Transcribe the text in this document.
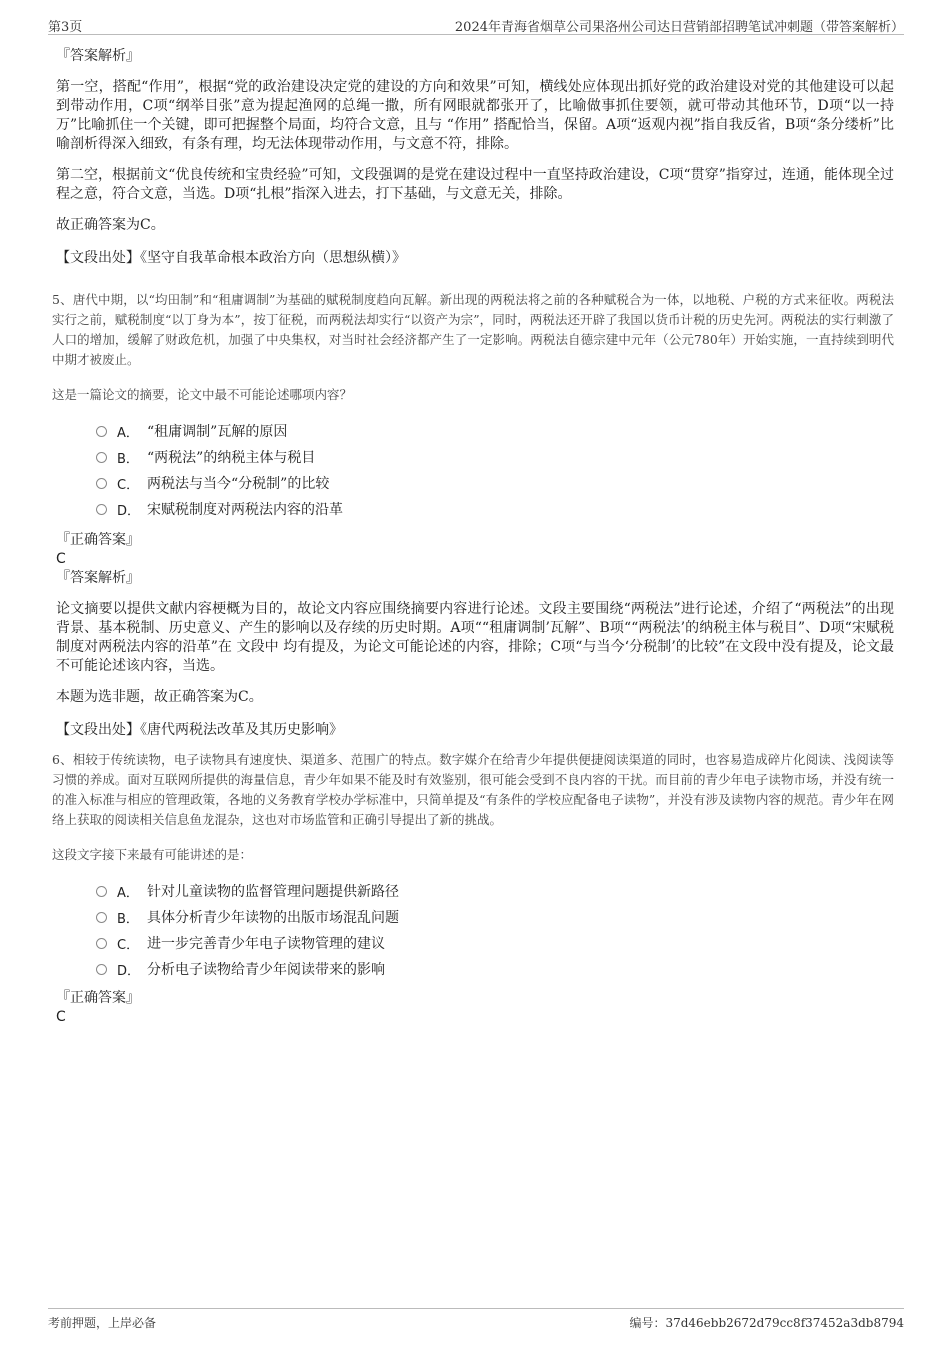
第3页	2024年青海省烟草公司果洛州公司达日营销部招聘笔试冲刺题（带答案解析）
『答案解析』

第一空，搭配“作用”，根据“党的政治建设决定党的建设的方向和效果”可知，横线处应体现出抓好党的政治建设对党的其他建设可以起到带动作用，C项“纲举目张”意为提起渔网的总绳一撒，所有网眼就都张开了，比喻做事抓住要领，就可带动其他环节，D项“以一持万”比喻抓住一个关键，即可把握整个局面，均符合文意，且与 “作用” 搭配恰当，保留。A项“返观内视”指自我反省，B项“条分缕析”比喻剖析得深入细致，有条有理，均无法体现带动作用，与文意不符，排除。

第二空，根据前文“优良传统和宝贵经验”可知，文段强调的是党在建设过程中一直坚持政治建设，C项“贯穿”指穿过，连通，能体现全过程之意，符合文意，当选。D项“扎根”指深入进去，打下基础，与文意无关，排除。

故正确答案为C。

【文段出处】《坚守自我革命根本政治方向（思想纵横）》

5、唐代中期，以“均田制”和“租庸调制”为基础的赋税制度趋向瓦解。新出现的两税法将之前的各种赋税合为一体，以地税、户税的方式来征收。两税法实行之前，赋税制度“以丁身为本”，按丁征税，而两税法却实行“以资产为宗”，同时，两税法还开辟了我国以货币计税的历史先河。两税法的实行刺激了人口的增加，缓解了财政危机，加强了中央集权，对当时社会经济都产生了一定影响。两税法自德宗建中元年（公元780年）开始实施，一直持续到明代中期才被废止。
这是一篇论文的摘要，论文中最不可能论述哪项内容？
A． “租庸调制”瓦解的原因
B． “两税法”的纳税主体与税目
C． 两税法与当今“分税制”的比较
D． 宋赋税制度对两税法内容的沿革
『正确答案』
C
『答案解析』

论文摘要以提供文献内容梗概为目的，故论文内容应围绕摘要内容进行论述。文段主要围绕“两税法”进行论述，介绍了“两税法”的出现背景、基本税制、历史意义、产生的影响以及存续的历史时期。A项““租庸调制’瓦解”、B项““两税法’的纳税主体与税目”、D项“宋赋税制度对两税法内容的沿革”在 文段中 均有提及，为论文可能论述的内容，排除；C项“与当今‘分税制’的比较”在文段中没有提及，论文最不可能论述该内容，当选。

本题为选非题，故正确答案为C。

【文段出处】《唐代两税法改革及其历史影响》

6、相较于传统读物，电子读物具有速度快、渠道多、范围广的特点。数字媒介在给青少年提供便捷阅读渠道的同时，也容易造成碎片化阅读、浅阅读等习惯的养成。面对互联网所提供的海量信息，青少年如果不能及时有效鉴别，很可能会受到不良内容的干扰。而目前的青少年电子读物市场，并没有统一的准入标准与相应的管理政策，各地的义务教育学校办学标准中，只简单提及“有条件的学校应配备电子读物”，并没有涉及读物内容的规范。青少年在网络上获取的阅读相关信息鱼龙混杂，这也对市场监管和正确引导提出了新的挑战。
这段文字接下来最有可能讲述的是：
A． 针对儿童读物的监督管理问题提供新路径
B． 具体分析青少年读物的出版市场混乱问题
C． 进一步完善青少年电子读物管理的建议
D． 分析电子读物给青少年阅读带来的影响
『正确答案』
C
考前押题，上岸必备	编号：37d46ebb2672d79cc8f37452a3db8794
